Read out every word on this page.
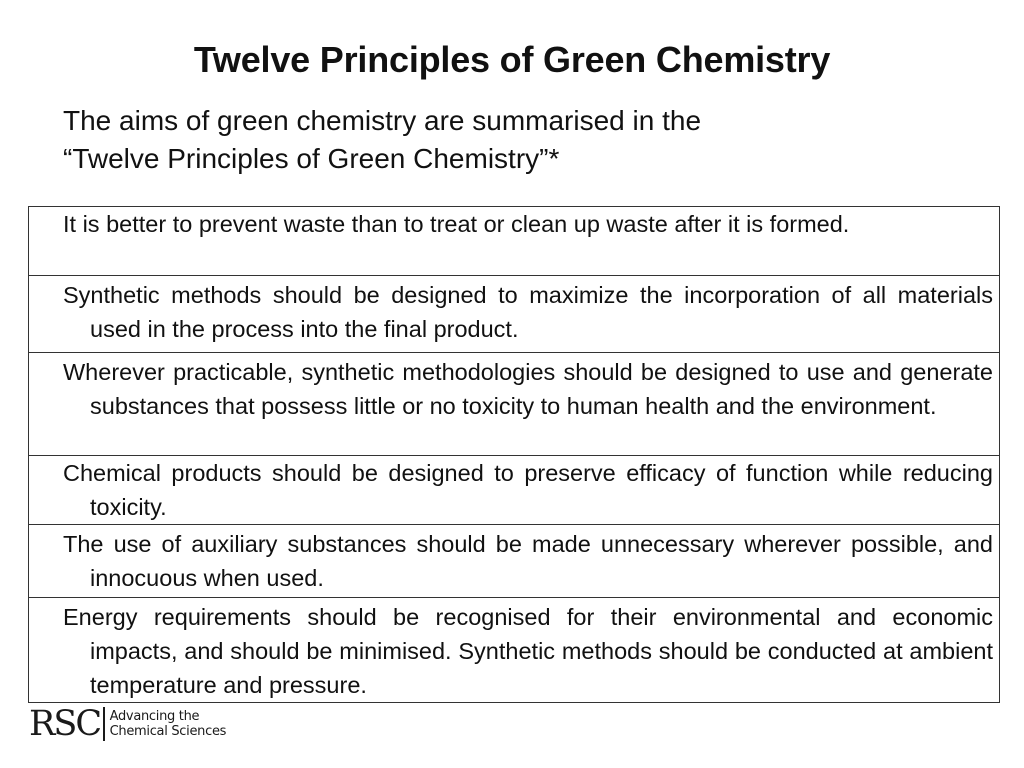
Twelve Principles of Green Chemistry
The aims of green chemistry are summarised in the
“Twelve Principles of Green Chemistry”*

It is better to prevent waste than to treat or clean up waste after it is formed.

Synthetic methods should be designed to maximize the incorporation of all materials used in the process into the final product.

Wherever practicable, synthetic methodologies should be designed to use and generate substances that possess little or no toxicity to human health and the environment.

Chemical products should be designed to preserve efficacy of function while reducing toxicity.

The use of auxiliary substances should be made unnecessary wherever possible, and innocuous when used.

Energy requirements should be recognised for their environmental and economic impacts, and should be minimised. Synthetic methods should be conducted at ambient temperature and pressure.

RSC Advancing the
Chemical Sciences
